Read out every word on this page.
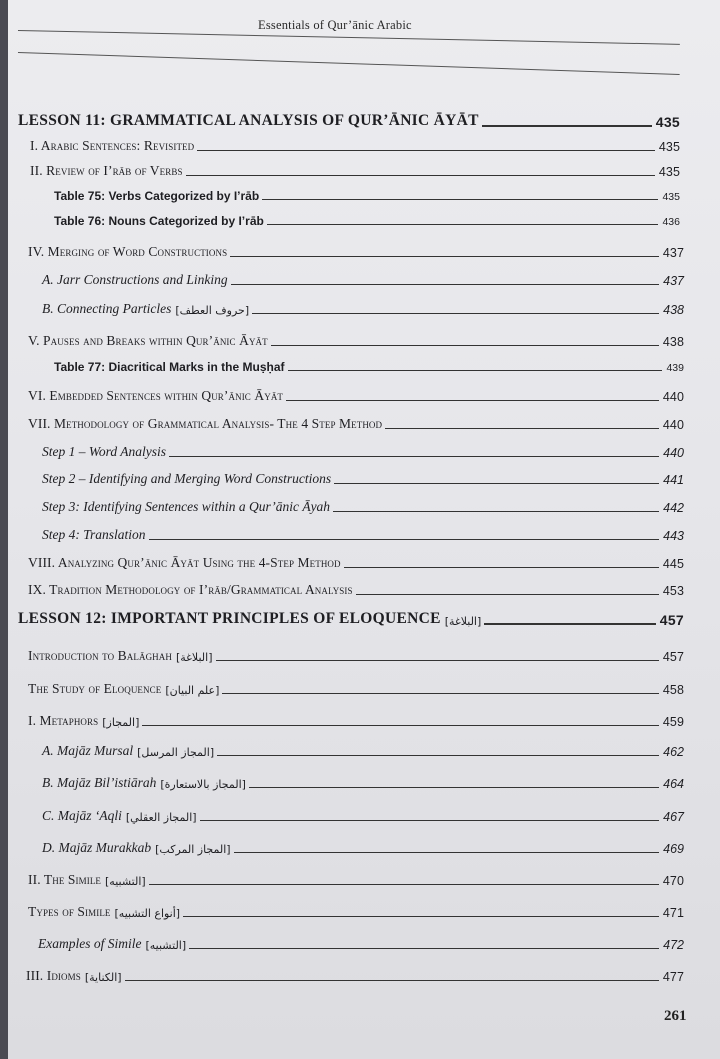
Essentials of Qur’ānic Arabic
LESSON 11: GRAMMATICAL ANALYSIS OF QUR’ĀNIC ĀYĀT	435
I. Arabic Sentences: Revisited	435
II. Review of I’rāb of Verbs	435
Table 75: Verbs Categorized by I’rāb	435
Table 76: Nouns Categorized by I’rāb	436
IV. Merging of Word Constructions	437
A. Jarr Constructions and Linking	437
B. Connecting Particles [حروف العطف]	438
V. Pauses and Breaks within Qur’ānic Āyāt	438
Table 77: Diacritical Marks in the Muṣḥaf	439
VI. Embedded Sentences within Qur’ānic Āyāt	440
VII. Methodology of Grammatical Analysis- The 4 Step Method	440
Step 1 – Word Analysis	440
Step 2 – Identifying and Merging Word Constructions	441
Step 3: Identifying Sentences within a Qur’ānic Āyah	442
Step 4: Translation	443
VIII. Analyzing Qur’ānic Āyāt Using the 4-Step Method	445
IX. Tradition Methodology of I’rāb/Grammatical Analysis	453
LESSON 12: IMPORTANT PRINCIPLES OF ELOQUENCE [البلاغة]	457
Introduction to Balāghah [البلاغة]	457
The Study of Eloquence [علم البيان]	458
I. Metaphors [المجاز]	459
A. Majāz Mursal [المجاز المرسل]	462
B. Majāz Bil’istiārah [المجاز بالاستعارة]	464
C. Majāz ‘Aqli [المجاز العقلي]	467
D. Majāz Murakkab [المجاز المركب]	469
II. The Simile [التشبيه]	470
Types of Simile [أنواع التشبيه]	471
Examples of Simile [التشبيه]	472
III. Idioms [الكناية]	477
261
